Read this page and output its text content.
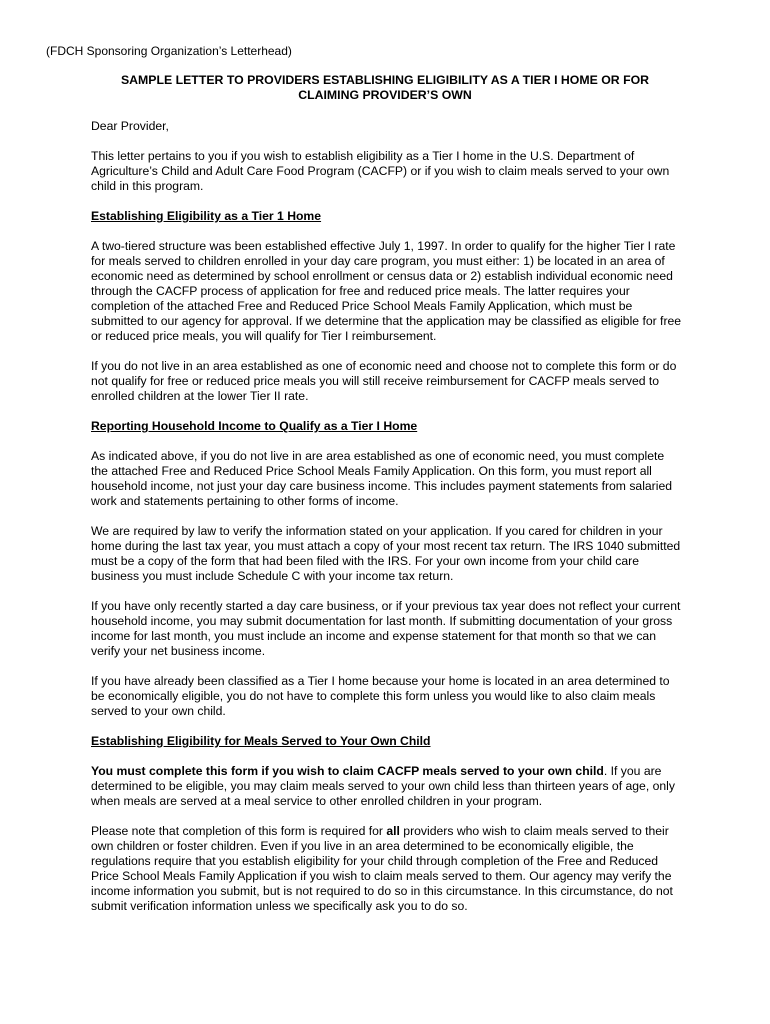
(FDCH Sponsoring Organization’s Letterhead)

SAMPLE LETTER TO PROVIDERS ESTABLISHING ELIGIBILITY AS A TIER I HOME OR FOR CLAIMING PROVIDER’S OWN

Dear Provider,

This letter pertains to you if you wish to establish eligibility as a Tier I home in the U.S. Department of Agriculture’s Child and Adult Care Food Program (CACFP) or if you wish to claim meals served to your own child in this program.

Establishing Eligibility as a Tier 1 Home

A two-tiered structure was been established effective July 1, 1997. In order to qualify for the higher Tier I rate for meals served to children enrolled in your day care program, you must either: 1) be located in an area of economic need as determined by school enrollment or census data or 2) establish individual economic need through the CACFP process of application for free and reduced price meals. The latter requires your completion of the attached Free and Reduced Price School Meals Family Application, which must be submitted to our agency for approval. If we determine that the application may be classified as eligible for free or reduced price meals, you will qualify for Tier I reimbursement.

If you do not live in an area established as one of economic need and choose not to complete this form or do not qualify for free or reduced price meals you will still receive reimbursement for CACFP meals served to enrolled children at the lower Tier II rate.

Reporting Household Income to Qualify as a Tier I Home

As indicated above, if you do not live in are area established as one of economic need, you must complete the attached Free and Reduced Price School Meals Family Application. On this form, you must report all household income, not just your day care business income. This includes payment statements from salaried work and statements pertaining to other forms of income.

We are required by law to verify the information stated on your application. If you cared for children in your home during the last tax year, you must attach a copy of your most recent tax return. The IRS 1040 submitted must be a copy of the form that had been filed with the IRS. For your own income from your child care business you must include Schedule C with your income tax return.

If you have only recently started a day care business, or if your previous tax year does not reflect your current household income, you may submit documentation for last month. If submitting documentation of your gross income for last month, you must include an income and expense statement for that month so that we can verify your net business income.

If you have already been classified as a Tier I home because your home is located in an area determined to be economically eligible, you do not have to complete this form unless you would like to also claim meals served to your own child.

Establishing Eligibility for Meals Served to Your Own Child

You must complete this form if you wish to claim CACFP meals served to your own child. If you are determined to be eligible, you may claim meals served to your own child less than thirteen years of age, only when meals are served at a meal service to other enrolled children in your program.

Please note that completion of this form is required for all providers who wish to claim meals served to their own children or foster children. Even if you live in an area determined to be economically eligible, the regulations require that you establish eligibility for your child through completion of the Free and Reduced Price School Meals Family Application if you wish to claim meals served to them. Our agency may verify the income information you submit, but is not required to do so in this circumstance. In this circumstance, do not submit verification information unless we specifically ask you to do so.
